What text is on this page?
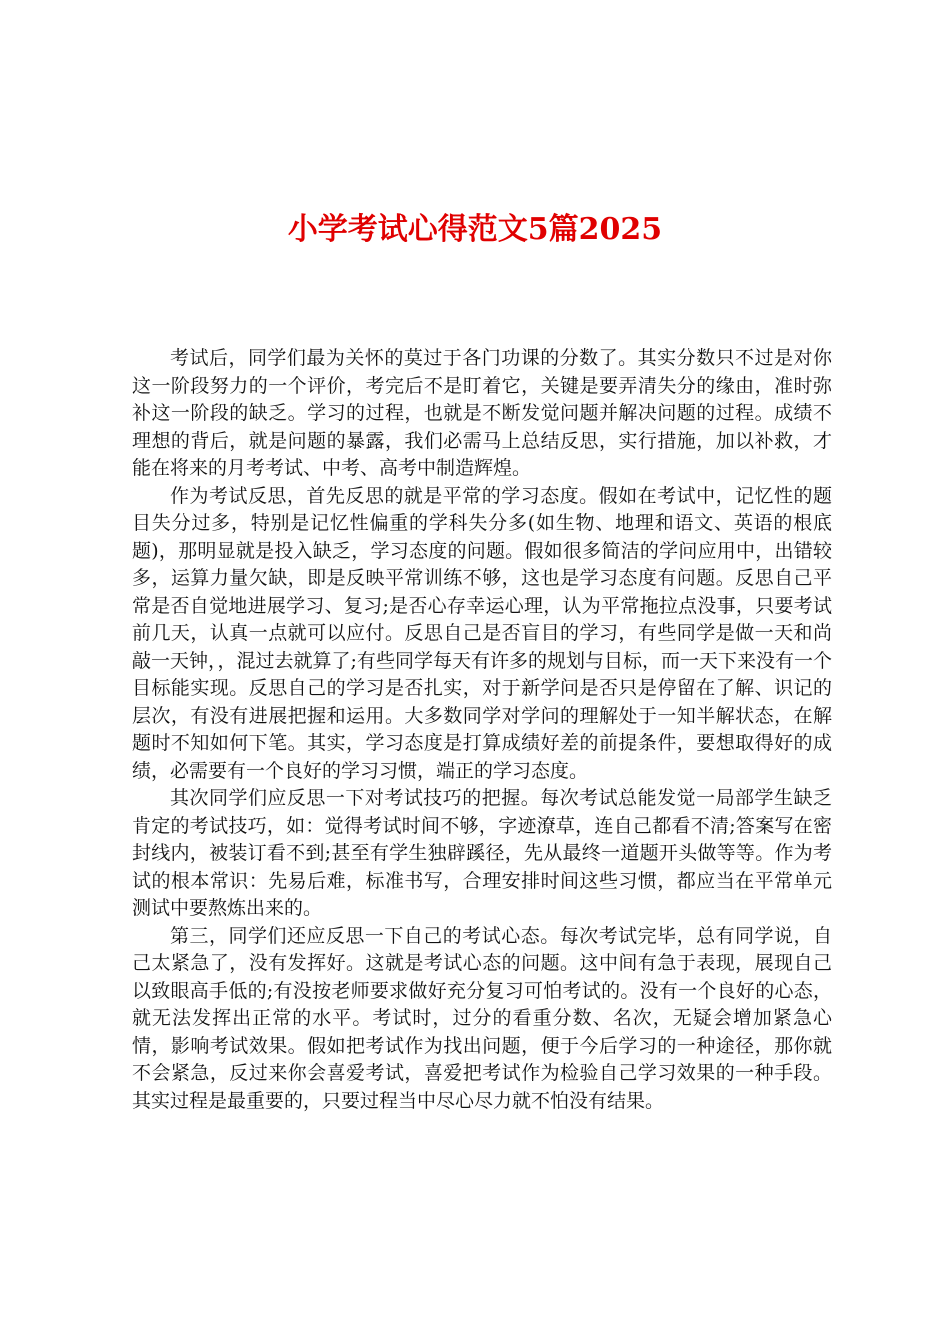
小学考试心得范文5篇2025

考试后，同学们最为关怀的莫过于各门功课的分数了。其实分数只不过是对你这一阶段努力的一个评价，考完后不是盯着它，关键是要弄清失分的缘由，准时弥补这一阶段的缺乏。学习的过程，也就是不断发觉问题并解决问题的过程。成绩不理想的背后，就是问题的暴露，我们必需马上总结反思，实行措施，加以补救，才能在将来的月考考试、中考、高考中制造辉煌。

作为考试反思，首先反思的就是平常的学习态度。假如在考试中，记忆性的题目失分过多，特别是记忆性偏重的学科失分多(如生物、地理和语文、英语的根底题)，那明显就是投入缺乏，学习态度的问题。假如很多简洁的学问应用中，出错较多，运算力量欠缺，即是反映平常训练不够，这也是学习态度有问题。反思自己平常是否自觉地进展学习、复习;是否心存幸运心理，认为平常拖拉点没事，只要考试前几天，认真一点就可以应付。反思自己是否盲目的学习，有些同学是做一天和尚敲一天钟，，混过去就算了;有些同学每天有许多的规划与目标，而一天下来没有一个目标能实现。反思自己的学习是否扎实，对于新学问是否只是停留在了解、识记的层次，有没有进展把握和运用。大多数同学对学问的理解处于一知半解状态，在解题时不知如何下笔。其实，学习态度是打算成绩好差的前提条件，要想取得好的成绩，必需要有一个良好的学习习惯，端正的学习态度。

其次同学们应反思一下对考试技巧的把握。每次考试总能发觉一局部学生缺乏肯定的考试技巧，如：觉得考试时间不够，字迹潦草，连自己都看不清;答案写在密封线内，被装订看不到;甚至有学生独辟蹊径，先从最终一道题开头做等等。作为考试的根本常识：先易后难，标准书写，合理安排时间这些习惯，都应当在平常单元测试中要熬炼出来的。

第三，同学们还应反思一下自己的考试心态。每次考试完毕，总有同学说，自己太紧急了，没有发挥好。这就是考试心态的问题。这中间有急于表现，展现自己以致眼高手低的;有没按老师要求做好充分复习可怕考试的。没有一个良好的心态，就无法发挥出正常的水平。考试时，过分的看重分数、名次，无疑会增加紧急心情，影响考试效果。假如把考试作为找出问题，便于今后学习的一种途径，那你就不会紧急，反过来你会喜爱考试，喜爱把考试作为检验自己学习效果的一种手段。其实过程是最重要的，只要过程当中尽心尽力就不怕没有结果。
